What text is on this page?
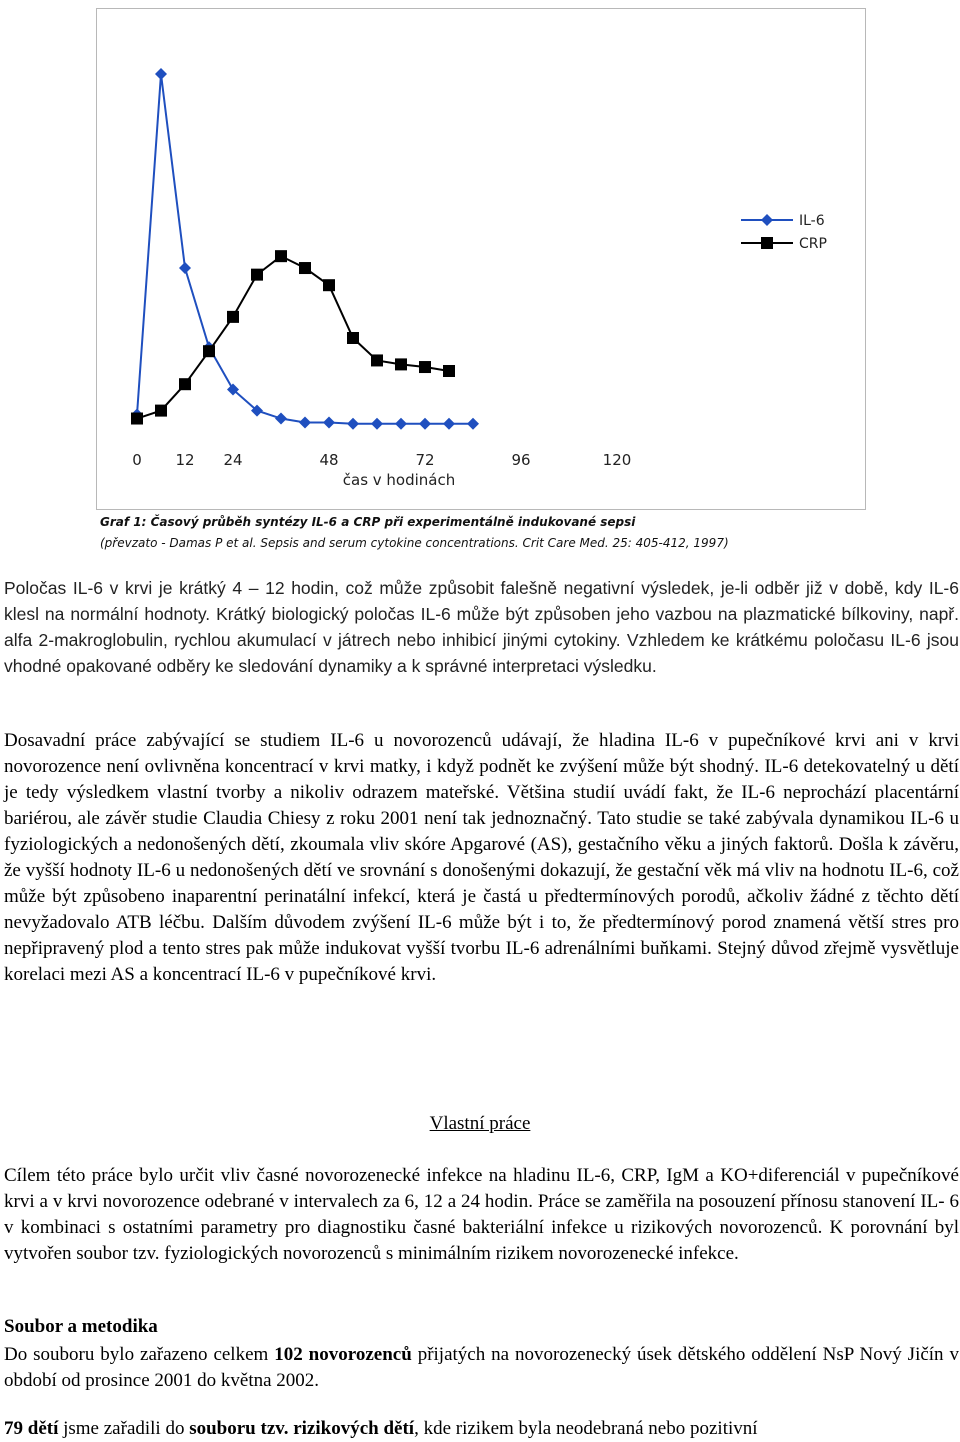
0 12 24	48	72	96	120
čas v hodinách
IL-6
CRP
Graf 1: Časový průběh syntézy IL-6 a CRP při experimentálně indukované sepsi
(převzato - Damas P et al. Sepsis and serum cytokine concentrations. Crit Care Med. 25: 405-412, 1997)
Poločas IL-6 v krvi je krátký 4 – 12 hodin, což může způsobit falešně negativní výsledek, je-li odběr již v době, kdy IL-6 klesl na normální hodnoty. Krátký biologický poločas IL-6 může být způsoben jeho vazbou na plazmatické bílkoviny, např. alfa 2-makroglobulin, rychlou akumulací v játrech nebo inhibicí jinými cytokiny. Vzhledem ke krátkému poločasu IL-6 jsou vhodné opakované odběry ke sledování dynamiky a k správné interpretaci výsledku.
Dosavadní práce zabývající se studiem IL-6 u novorozenců udávají, že hladina IL-6 v pupečníkové krvi ani v krvi novorozence není ovlivněna koncentrací v krvi matky, i když podnět ke zvýšení může být shodný. IL-6 detekovatelný u dětí je tedy výsledkem vlastní tvorby a nikoliv odrazem mateřské. Většina studií uvádí fakt, že IL-6 neprochází placentární bariérou, ale závěr studie Claudia Chiesy z roku 2001 není tak jednoznačný. Tato studie se také zabývala dynamikou IL-6 u fyziologických a nedonošených dětí, zkoumala vliv skóre Apgarové (AS), gestačního věku a jiných faktorů. Došla k závěru, že vyšší hodnoty IL-6 u nedonošených dětí ve srovnání s donošenými dokazují, že gestační věk má vliv na hodnotu IL-6, což může být způsobeno inaparentní perinatální infekcí, která je častá u předtermínových porodů, ačkoliv žádné z těchto dětí nevyžadovalo ATB léčbu. Dalším důvodem zvýšení IL-6 může být i to, že předtermínový porod znamená větší stres pro nepřipravený plod a tento stres pak může indukovat vyšší tvorbu IL-6 adrenálními buňkami. Stejný důvod zřejmě vysvětluje korelaci mezi AS a koncentrací IL-6 v pupečníkové krvi.
Vlastní práce
Cílem této práce bylo určit vliv časné novorozenecké infekce na hladinu IL-6, CRP, IgM a KO+diferenciál v pupečníkové krvi a v krvi novorozence odebrané v intervalech za 6, 12 a 24 hodin. Práce se zaměřila na posouzení přínosu stanovení IL- 6 v kombinaci s ostatními parametry pro diagnostiku časné bakteriální infekce u rizikových novorozenců. K porovnání byl vytvořen soubor tzv. fyziologických novorozenců s minimálním rizikem novorozenecké infekce.
Soubor a metodika
Do souboru bylo zařazeno celkem 102 novorozenců přijatých na novorozenecký úsek dětského oddělení NsP Nový Jičín v období od prosince 2001 do května 2002.
79 dětí jsme zařadili do souboru tzv. rizikových dětí, kde rizikem byla neodebraná nebo pozitivní
